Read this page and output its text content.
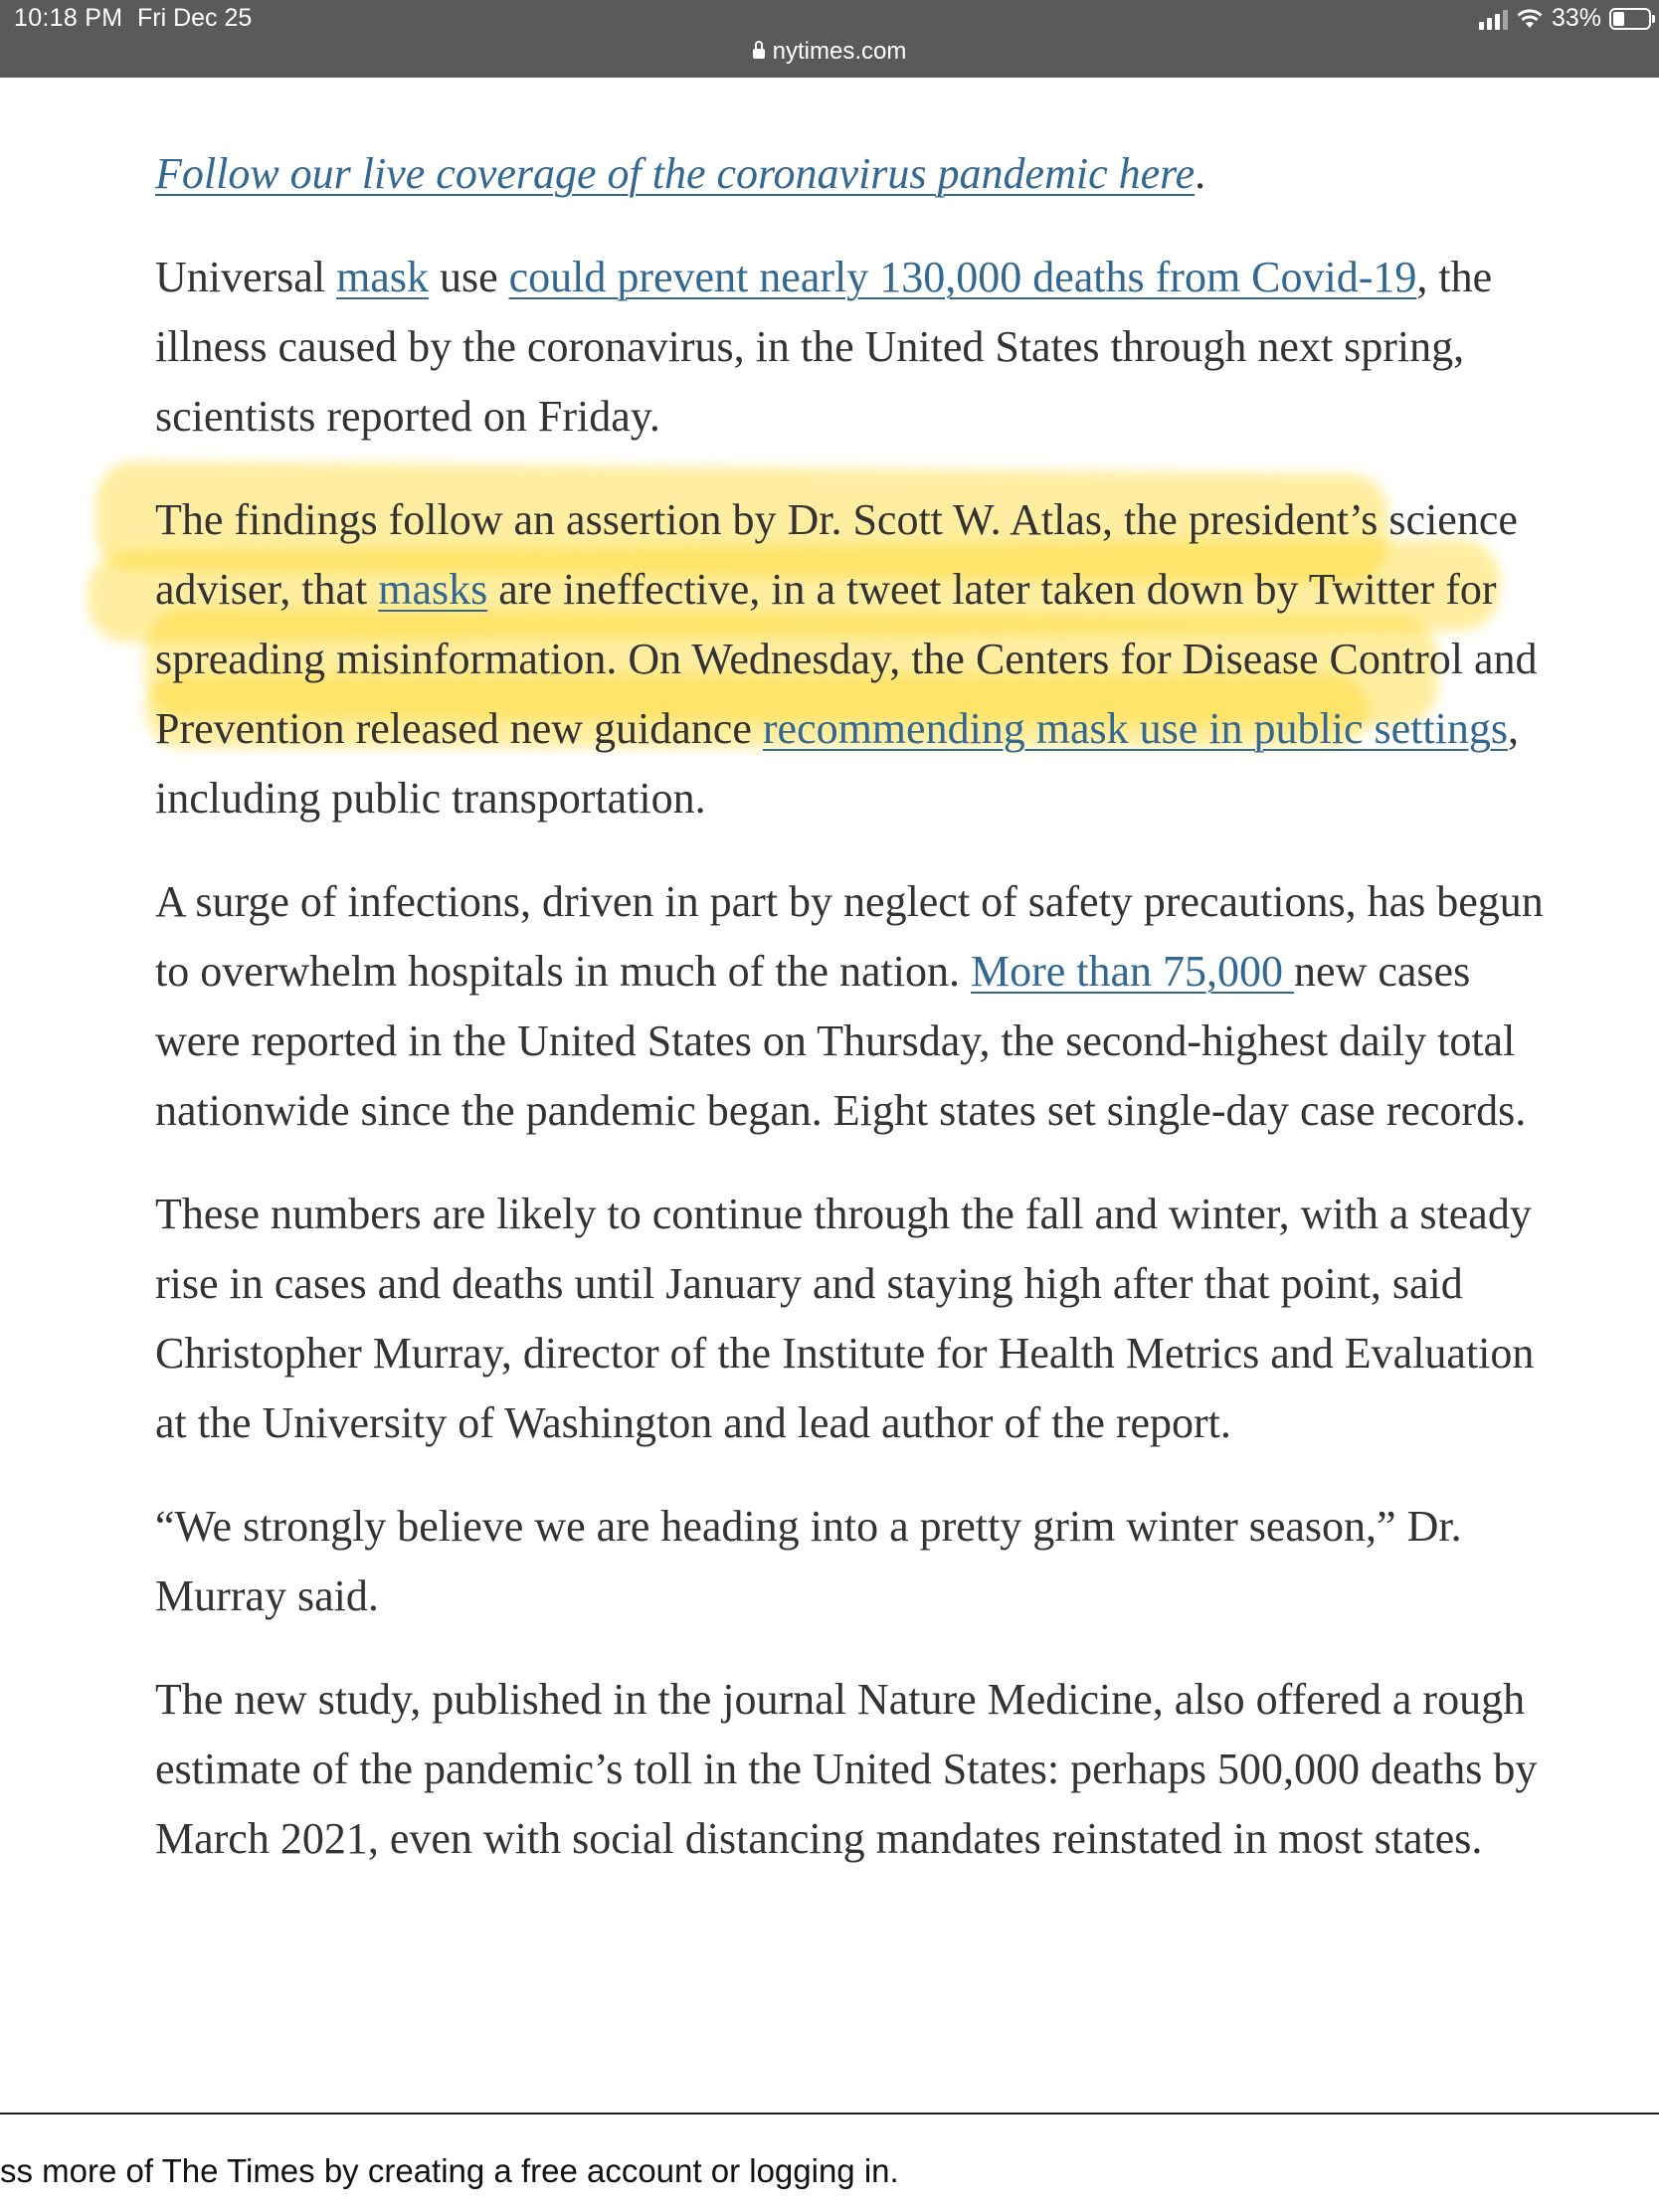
10:18 PM Fri Dec 25	33%
nytimes.com

Follow our live coverage of the coronavirus pandemic here.

Universal mask use could prevent nearly 130,000 deaths from Covid-19, the illness caused by the coronavirus, in the United States through next spring, scientists reported on Friday.

The findings follow an assertion by Dr. Scott W. Atlas, the president’s science adviser, that masks are ineffective, in a tweet later taken down by Twitter for spreading misinformation. On Wednesday, the Centers for Disease Control and Prevention released new guidance recommending mask use in public settings, including public transportation.

A surge of infections, driven in part by neglect of safety precautions, has begun to overwhelm hospitals in much of the nation. More than 75,000 new cases were reported in the United States on Thursday, the second-highest daily total nationwide since the pandemic began. Eight states set single-day case records.

These numbers are likely to continue through the fall and winter, with a steady rise in cases and deaths until January and staying high after that point, said Christopher Murray, director of the Institute for Health Metrics and Evaluation at the University of Washington and lead author of the report.

“We strongly believe we are heading into a pretty grim winter season,” Dr. Murray said.

The new study, published in the journal Nature Medicine, also offered a rough estimate of the pandemic’s toll in the United States: perhaps 500,000 deaths by March 2021, even with social distancing mandates reinstated in most states.

ss more of The Times by creating a free account or logging in.
